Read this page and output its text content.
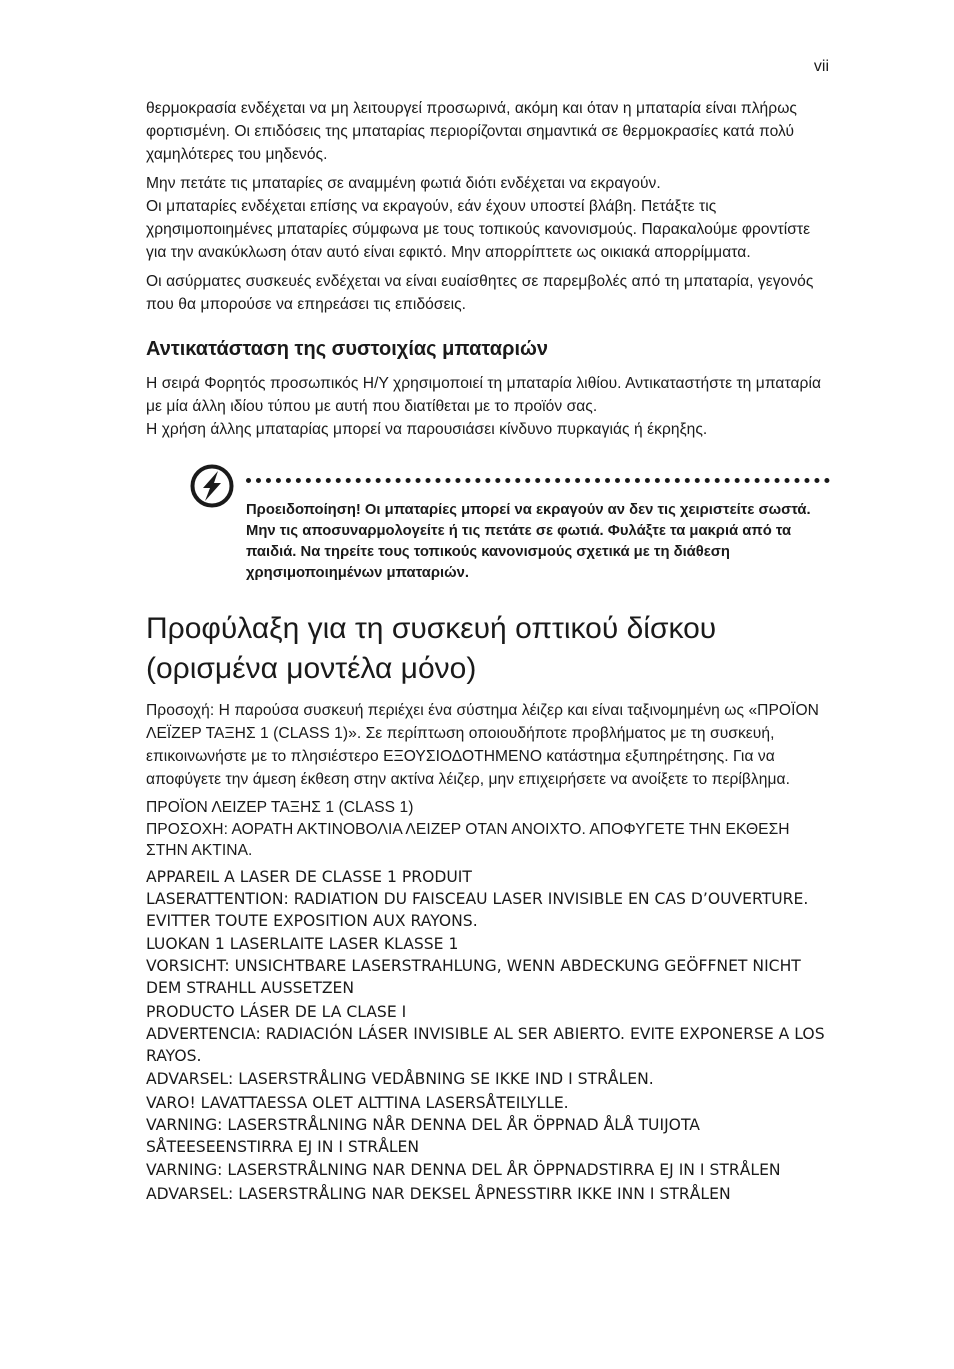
vii

θερμοκρασία ενδέχεται να μη λειτουργεί προσωρινά, ακόμη και όταν η μπαταρία είναι πλήρως φορτισμένη. Οι επιδόσεις της μπαταρίας περιορίζονται σημαντικά σε θερμοκρασίες κατά πολύ χαμηλότερες του μηδενός.

Μην πετάτε τις μπαταρίες σε αναμμένη φωτιά διότι ενδέχεται να εκραγούν.

Οι μπαταρίες ενδέχεται επίσης να εκραγούν, εάν έχουν υποστεί βλάβη. Πετάξτε τις χρησιμοποιημένες μπαταρίες σύμφωνα με τους τοπικούς κανονισμούς. Παρακαλούμε φροντίστε για την ανακύκλωση όταν αυτό είναι εφικτό. Μην απορρίπτετε ως οικιακά απορρίμματα.

Οι ασύρματες συσκευές ενδέχεται να είναι ευαίσθητες σε παρεμβολές από τη μπαταρία, γεγονός που θα μπορούσε να επηρεάσει τις επιδόσεις.

Αντικατάσταση της συστοιχίας μπαταριών

Η σειρά Φορητός προσωπικός Η/Υ χρησιμοποιεί τη μπαταρία λιθίου. Αντικαταστήστε τη μπαταρία με μία άλλη ιδίου τύπου με αυτή που διατίθεται με το προϊόν σας.

Η χρήση άλλης μπαταρίας μπορεί να παρουσιάσει κίνδυνο πυρκαγιάς ή έκρηξης.

Προειδοποίηση! Οι μπαταρίες μπορεί να εκραγούν αν δεν τις χειριστείτε σωστά. Μην τις αποσυναρμολογείτε ή τις πετάτε σε φωτιά. Φυλάξτε τα μακριά από τα παιδιά. Να τηρείτε τους τοπικούς κανονισμούς σχετικά με τη διάθεση χρησιμοποιημένων μπαταριών.

Προφύλαξη για τη συσκευή οπτικού δίσκου
(ορισμένα μοντέλα μόνο)

Προσοχή: Η παρούσα συσκευή περιέχει ένα σύστημα λέιζερ και είναι ταξινομημένη ως «ΠΡΟΪΟΝ ΛΕΪΖΕΡ ΤΑΞΗΣ 1 (CLASS 1)». Σε περίπτωση οποιουδήποτε προβλήματος με τη συσκευή, επικοινωνήστε με το πλησιέστερο ΕΞΟΥΣΙΟΔΟΤΗΜΕΝΟ κατάστημα εξυπηρέτησης. Για να αποφύγετε την άμεση έκθεση στην ακτίνα λέιζερ, μην επιχειρήσετε να ανοίξετε το περίβλημα.

ΠΡΟΪΟΝ ΛΕΙΖΕΡ ΤΑΞΗΣ 1 (CLASS 1)
ΠΡΟΣΟΧΗ: ΑΟΡΑΤΗ ΑΚΤΙΝΟΒΟΛΙΑ ΛΕΙΖΕΡ ΟΤΑΝ ΑΝΟΙΧΤΟ. ΑΠΟΦΥΓΕΤΕ ΤΗΝ ΕΚΘΕΣΗ ΣΤΗΝ ΑΚΤΙΝΑ.
APPAREIL A LASER DE CLASSE 1 PRODUIT
LASERATTENTION: RADIATION DU FAISCEAU LASER INVISIBLE EN CAS D’OUVERTURE. EVITTER TOUTE EXPOSITION AUX RAYONS.
LUOKAN 1 LASERLAITE LASER KLASSE 1
VORSICHT: UNSICHTBARE LASERSTRAHLUNG, WENN ABDECKUNG GEÖFFNET NICHT DEM STRAHLL AUSSETZEN
PRODUCTO LÁSER DE LA CLASE I
ADVERTENCIA: RADIACIÓN LÁSER INVISIBLE AL SER ABIERTO. EVITE EXPONERSE A LOS RAYOS.
ADVARSEL: LASERSTRÅLING VEDÅBNING SE IKKE IND I STRÅLEN.
VARO! LAVATTAESSA OLET ALTTINA LASERSÅTEILYLLE.
VARNING: LASERSTRÅLNING NÅR DENNA DEL ÅR ÖPPNAD ÅLÅ TUIJOTA SÅTEESEENSTIRRA EJ IN I STRÅLEN
VARNING: LASERSTRÅLNING NAR DENNA DEL ÅR ÖPPNADSTIRRA EJ IN I STRÅLEN
ADVARSEL: LASERSTRÅLING NAR DEKSEL ÅPNESSTIRR IKKE INN I STRÅLEN
